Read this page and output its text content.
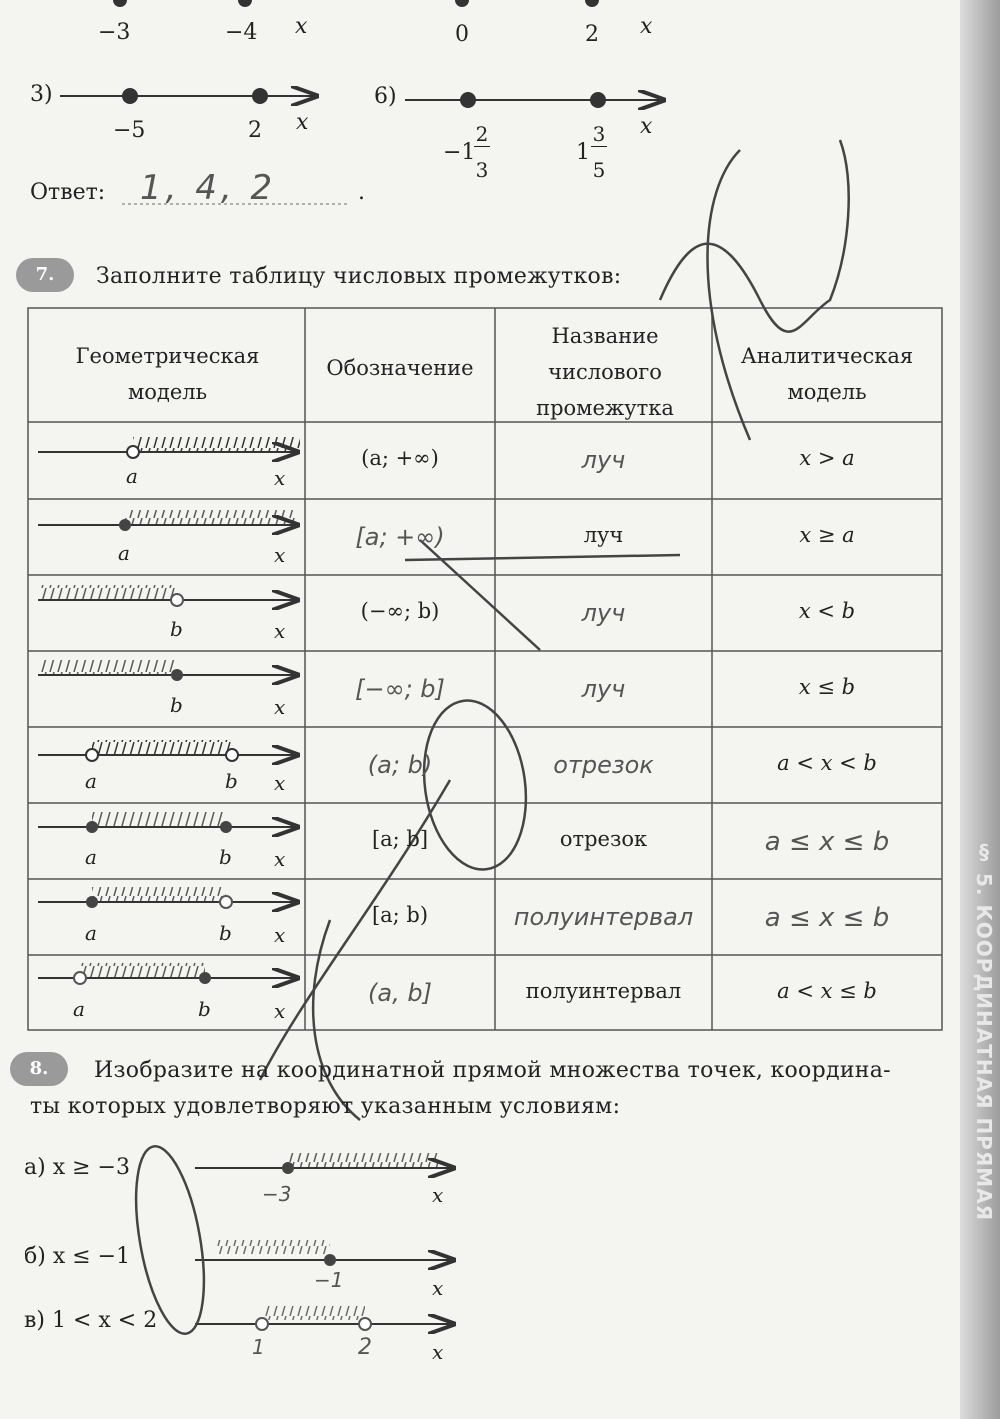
−3	−4 x	0	2 x
3)
−5	2 x
6)
−1
2
3
1
3
5
x
Ответ: 1, 4, 2	.
7.	Заполните таблицу числовых промежутков:
Геометрическая модель
Обозначение
Название числового промежутка
Аналитическая модель
a	x
(a; +∞)	луч	x > a
a	x
[a; +∞)	луч	x ≥ a
b	x
(−∞; b)	луч	x < b
b	x
[−∞; b]	луч	x ≤ b
a	b x
(a; b)	отрезок	a < x < b
a	b x
[a; b]	отрезок	a ≤ x ≤ b
a	b x
[a; b)	полуинтервал	a ≤ x ≤ b
a	b	x
(a, b]	полуинтервал	a < x ≤ b
8.	Изобразите на координатной прямой множества точек, координа-
ты которых удовлетворяют указанным условиям:
а) x ≥ −3
−3	x
б) x ≤ −1
−1	x
в) 1 < x < 2
1	2	x
§ 5. КООРДИНАТНАЯ ПРЯМАЯ
